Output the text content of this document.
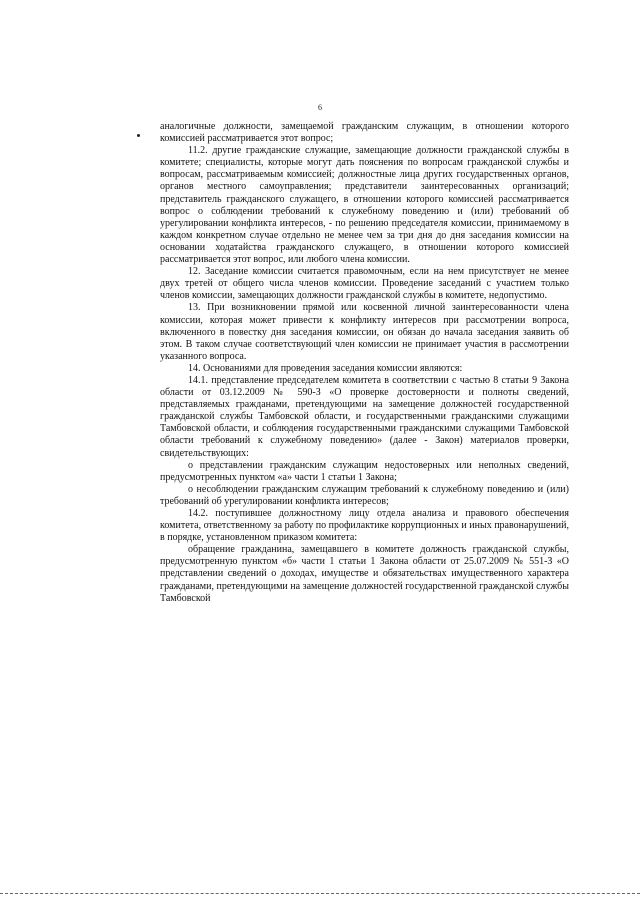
6

аналогичные должности, замещаемой гражданским служащим, в отношении которого комиссией рассматривается этот вопрос;

11.2. другие гражданские служащие, замещающие должности гражданской службы в комитете; специалисты, которые могут дать пояснения по вопросам гражданской службы и вопросам, рассматриваемым комиссией; должностные лица других государственных органов, органов местного самоуправления; представители заинтересованных организаций; представитель гражданского служащего, в отношении которого комиссией рассматривается вопрос о соблюдении требований к служебному поведению и (или) требований об урегулировании конфликта интересов, - по решению председателя комиссии, принимаемому в каждом конкретном случае отдельно не менее чем за три дня до дня заседания комиссии на основании ходатайства гражданского служащего, в отношении которого комиссией рассматривается этот вопрос, или любого члена комиссии.

12. Заседание комиссии считается правомочным, если на нем присутствует не менее двух третей от общего числа членов комиссии. Проведение заседаний с участием только членов комиссии, замещающих должности гражданской службы в комитете, недопустимо.

13. При возникновении прямой или косвенной личной заинтересованности члена комиссии, которая может привести к конфликту интересов при рассмотрении вопроса, включенного в повестку дня заседания комиссии, он обязан до начала заседания заявить об этом. В таком случае соответствующий член комиссии не принимает участия в рассмотрении указанного вопроса.

14. Основаниями для проведения заседания комиссии являются:

14.1. представление председателем комитета в соответствии с частью 8 статьи 9 Закона области от 03.12.2009 № 590-З «О проверке достоверности и полноты сведений, представляемых гражданами, претендующими на замещение должностей государственной гражданской службы Тамбовской области, и государственными гражданскими служащими Тамбовской области, и соблюдения государственными гражданскими служащими Тамбовской области требований к служебному поведению» (далее - Закон) материалов проверки, свидетельствующих:

о представлении гражданским служащим недостоверных или неполных сведений, предусмотренных пунктом «а» части 1 статьи 1 Закона;

о несоблюдении гражданским служащим требований к служебному поведению и (или) требований об урегулировании конфликта интересов;

14.2. поступившее должностному лицу отдела анализа и правового обеспечения комитета, ответственному за работу по профилактике коррупционных и иных правонарушений, в порядке, установленном приказом комитета:

обращение гражданина, замещавшего в комитете должность гражданской службы, предусмотренную пунктом «б» части 1 статьи 1 Закона области от 25.07.2009 № 551-З «О представлении сведений о доходах, имуществе и обязательствах имущественного характера гражданами, претендующими на замещение должностей государственной гражданской службы Тамбовской
